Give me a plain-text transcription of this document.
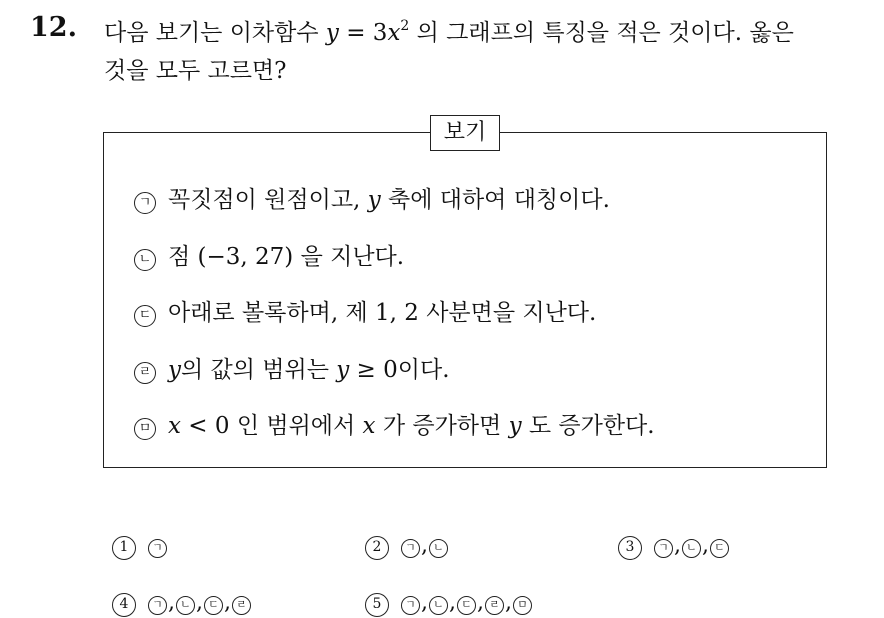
12. 다음 보기는 이차함수 $y = 3x^2$ 의 그래프의 특징을 적은 것이다. 옳은
것을 모두 고르면?
보기
ㄱ 꼭짓점이 원점이고, y 축에 대하여 대칭이다.
ㄴ 점 (−3, 27) 을 지난다.
ㄷ 아래로 볼록하며, 제 1, 2 사분면을 지난다.
ㄹ y의 값의 범위는 y ≥ 0이다.
ㅁ x < 0 인 범위에서 x 가 증가하면 y 도 증가한다.
1 ㄱ	2 ㄱ , ㄴ	3 ㄱ , ㄴ , ㄷ
4 ㄱ , ㄴ , ㄷ , ㄹ	5 ㄱ , ㄴ , ㄷ , ㄹ , ㅁ
